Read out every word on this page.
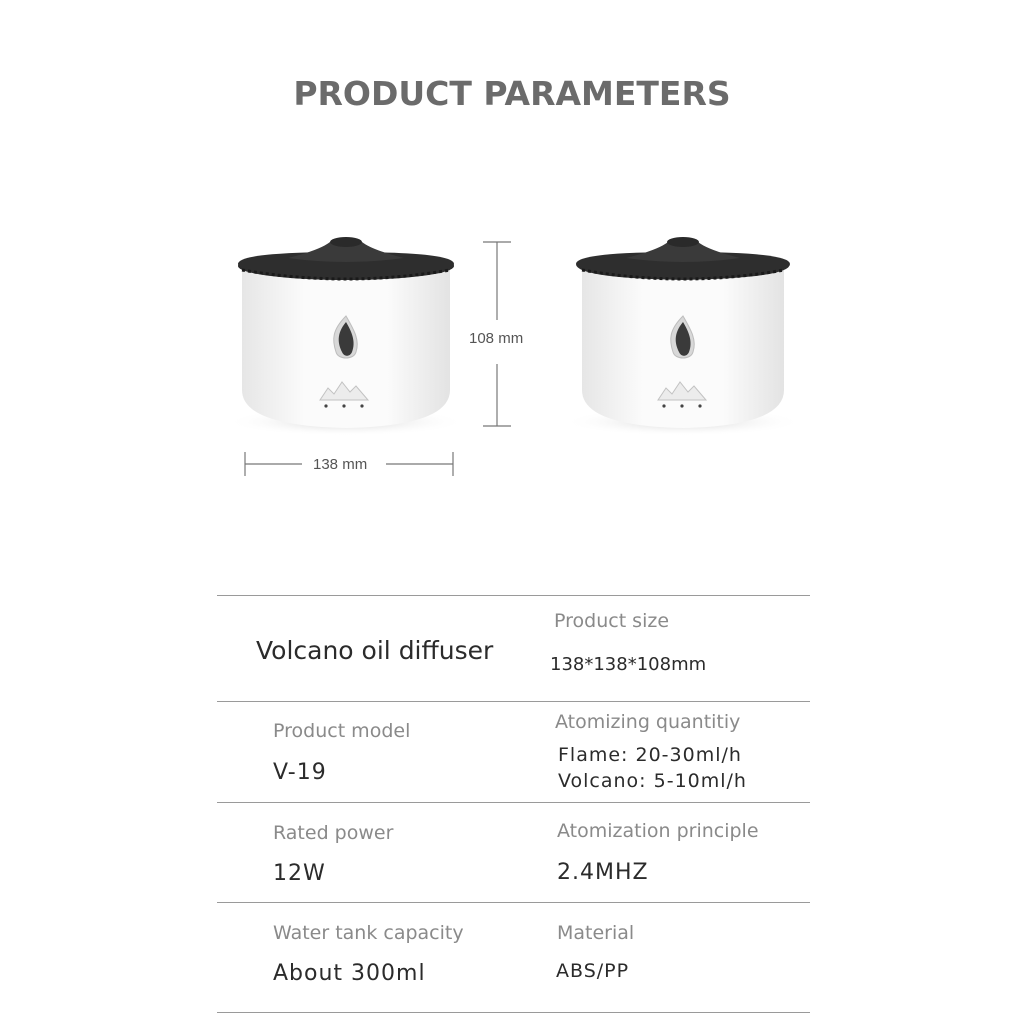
PRODUCT PARAMETERS
108 mm
138 mm
Volcano oil diffuser
Product size
138*138*108mm
Product model
V-19
Atomizing quantitiy
Flame: 20-30ml/h
Volcano: 5-10ml/h
Rated power
12W
Atomization principle
2.4MHZ
Water tank capacity
About 300ml
Material
ABS/PP
